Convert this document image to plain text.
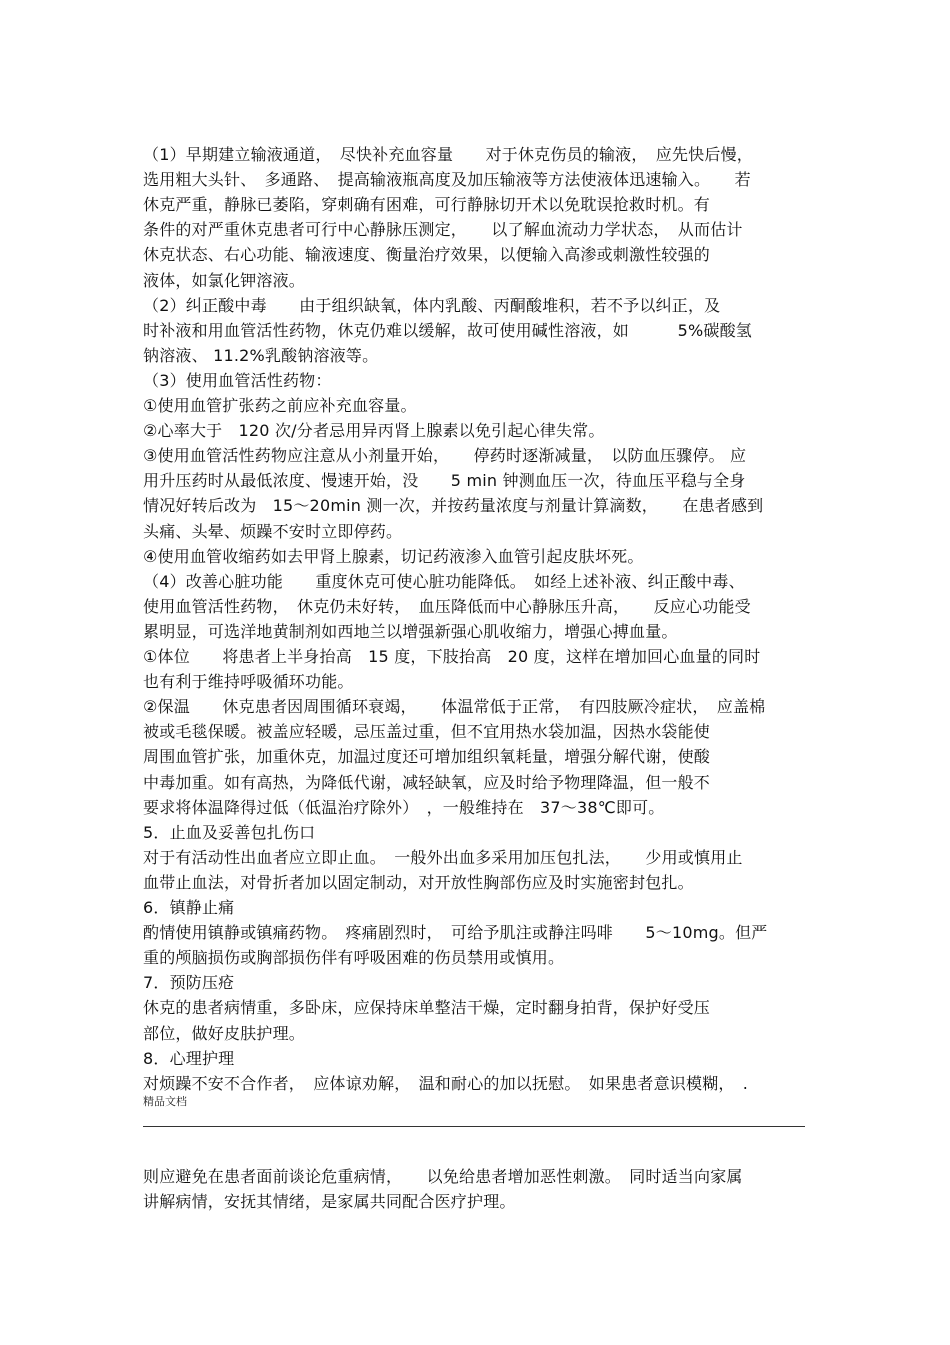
（1）早期建立输液通道，　尽快补充血容量　　对于休克伤员的输液，　应先快后慢，
选用粗大头针、　多通路、　提高输液瓶高度及加压输液等方法使液体迅速输入。　　若
休克严重，静脉已萎陷，穿刺确有困难，可行静脉切开术以免耽误抢救时机。有
条件的对严重休克患者可行中心静脉压测定，　　以了解血流动力学状态，　从而估计
休克状态、右心功能、输液速度、衡量治疗效果，以便输入高渗或刺激性较强的
液体，如氯化钾溶液。
（2）纠正酸中毒　　由于组织缺氧，体内乳酸、丙酮酸堆积，若不予以纠正，及
时补液和用血管活性药物，休克仍难以缓解，故可使用碱性溶液，如　　　5%碳酸氢
钠溶液、 11.2%乳酸钠溶液等。
（3）使用血管活性药物：
①使用血管扩张药之前应补充血容量。
②心率大于　120 次/分者忌用异丙肾上腺素以免引起心律失常。
③使用血管活性药物应注意从小剂量开始，　　停药时逐渐减量，　以防血压骤停。 应
用升压药时从最低浓度、慢速开始，没　　5 min 钟测血压一次，待血压平稳与全身
情况好转后改为　15～20min 测一次，并按药量浓度与剂量计算滴数，　　在患者感到
头痛、头晕、烦躁不安时立即停药。
④使用血管收缩药如去甲肾上腺素，切记药液渗入血管引起皮肤坏死。
（4）改善心脏功能　　重度休克可使心脏功能降低。　如经上述补液、纠正酸中毒、
使用血管活性药物，　休克仍未好转，　血压降低而中心静脉压升高，　　反应心功能受
累明显，可选洋地黄制剂如西地兰以增强新强心肌收缩力，增强心搏血量。
①体位　　将患者上半身抬高　15 度，下肢抬高　20 度，这样在增加回心血量的同时
也有利于维持呼吸循环功能。
②保温　　休克患者因周围循环衰竭，　　体温常低于正常，　有四肢厥冷症状，　应盖棉
被或毛毯保暖。被盖应轻暖，忌压盖过重，但不宜用热水袋加温，因热水袋能使
周围血管扩张，加重休克，加温过度还可增加组织氧耗量，增强分解代谢，使酸
中毒加重。如有高热，为降低代谢，减轻缺氧，应及时给予物理降温，但一般不
要求将体温降得过低（低温治疗除外）　，一般维持在　37～38℃即可。
5．止血及妥善包扎伤口
对于有活动性出血者应立即止血。　一般外出血多采用加压包扎法，　　少用或慎用止
血带止血法，对骨折者加以固定制动，对开放性胸部伤应及时实施密封包扎。
6．镇静止痛
酌情使用镇静或镇痛药物。　疼痛剧烈时，　可给予肌注或静注吗啡　　5～10mg。但严
重的颅脑损伤或胸部损伤伴有呼吸困难的伤员禁用或慎用。
7．预防压疮
休克的患者病情重，多卧床，应保持床单整洁干燥，定时翻身拍背，保护好受压
部位，做好皮肤护理。
8．心理护理
对烦躁不安不合作者，　应体谅劝解，　温和耐心的加以抚慰。　如果患者意识模糊，　.
精品文档
则应避免在患者面前谈论危重病情，　　以免给患者增加恶性刺激。　同时适当向家属
讲解病情，安抚其情绪，是家属共同配合医疗护理。
